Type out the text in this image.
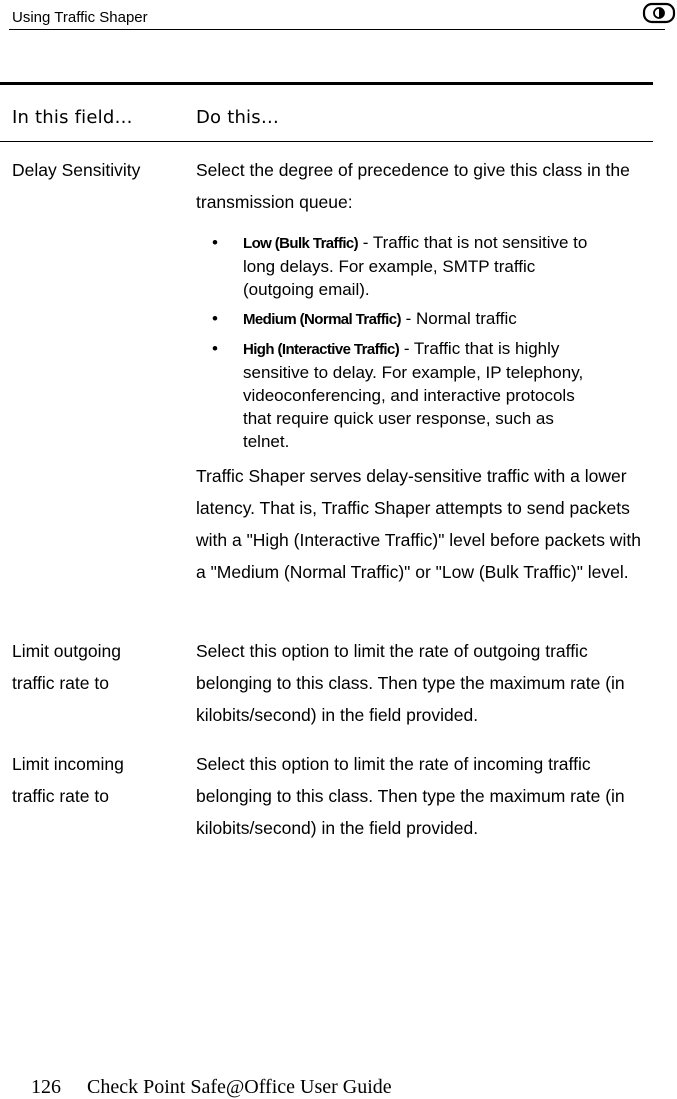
Using Traffic Shaper
In this field…	Do this…
Delay Sensitivity	Select the degree of precedence to give this class in the transmission queue:
• Low (Bulk Traffic) - Traffic that is not sensitive to long delays. For example, SMTP traffic (outgoing email).
• Medium (Normal Traffic) - Normal traffic
• High (Interactive Traffic) - Traffic that is highly sensitive to delay. For example, IP telephony, videoconferencing, and interactive protocols that require quick user response, such as telnet.
Traffic Shaper serves delay-sensitive traffic with a lower latency. That is, Traffic Shaper attempts to send packets with a "High (Interactive Traffic)" level before packets with a "Medium (Normal Traffic)" or "Low (Bulk Traffic)" level.
Limit outgoing traffic rate to
Select this option to limit the rate of outgoing traffic belonging to this class. Then type the maximum rate (in kilobits/second) in the field provided.
Limit incoming traffic rate to
Select this option to limit the rate of incoming traffic belonging to this class. Then type the maximum rate (in kilobits/second) in the field provided.
126 Check Point Safe@Office User Guide
